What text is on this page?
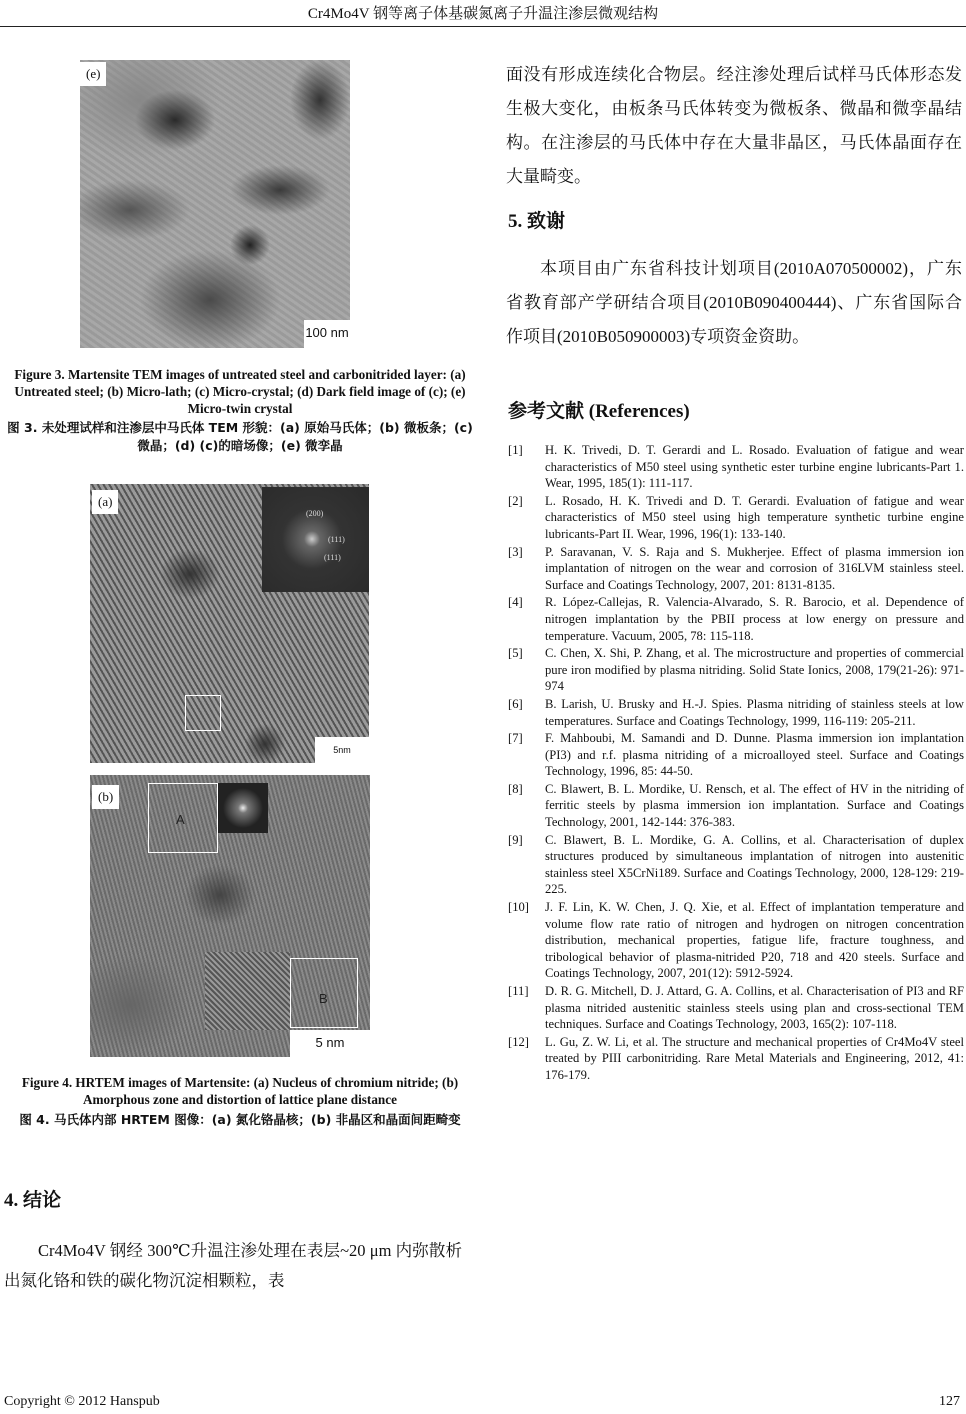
Cr4Mo4V 钢等离子体基碳氮离子升温注渗层微观结构
(e)
100 nm
Figure 3. Martensite TEM images of untreated steel and carbonitrided layer: (a) Untreated steel; (b) Micro-lath; (c) Micro-crystal; (d) Dark field image of (c); (e) Micro-twin crystal
图 3. 未处理试样和注渗层中马氏体 TEM 形貌：(a) 原始马氏体；(b) 微板条；(c) 微晶；(d) (c)的暗场像；(e) 微孪晶
(a)
(200)
(111)
(111)
5nm
(b)
A
B
5 nm
Figure 4. HRTEM images of Martensite: (a) Nucleus of chromium nitride; (b) Amorphous zone and distortion of lattice plane distance
图 4. 马氏体内部 HRTEM 图像：(a) 氮化铬晶核；(b) 非晶区和晶面间距畸变
4. 结论
Cr4Mo4V 钢经 300℃升温注渗处理在表层~20 μm 内弥散析出氮化铬和铁的碳化物沉淀相颗粒，表
面没有形成连续化合物层。经注渗处理后试样马氏体形态发生极大变化，由板条马氏体转变为微板条、微晶和微孪晶结构。在注渗层的马氏体中存在大量非晶区，马氏体晶面存在大量畸变。
5. 致谢
本项目由广东省科技计划项目(2010A070500002)，广东省教育部产学研结合项目(2010B090400444)、广东省国际合作项目(2010B050900003)专项资金资助。
参考文献 (References)
[1]	H. K. Trivedi, D. T. Gerardi and L. Rosado. Evaluation of fatigue and wear characteristics of M50 steel using synthetic ester turbine engine lubricants-Part 1. Wear, 1995, 185(1): 111-117.
[2]	L. Rosado, H. K. Trivedi and D. T. Gerardi. Evaluation of fatigue and wear characteristics of M50 steel using high temperature synthetic turbine engine lubricants-Part II. Wear, 1996, 196(1): 133-140.
[3]	P. Saravanan, V. S. Raja and S. Mukherjee. Effect of plasma immersion ion implantation of nitrogen on the wear and corrosion of 316LVM stainless steel. Surface and Coatings Technology, 2007, 201: 8131-8135.
[4]	R. López-Callejas, R. Valencia-Alvarado, S. R. Barocio, et al. Dependence of nitrogen implantation by the PBII process at low energy on pressure and temperature. Vacuum, 2005, 78: 115-118.
[5]	C. Chen, X. Shi, P. Zhang, et al. The microstructure and properties of commercial pure iron modified by plasma nitriding. Solid State Ionics, 2008, 179(21-26): 971-974
[6]	B. Larish, U. Brusky and H.-J. Spies. Plasma nitriding of stainless steels at low temperatures. Surface and Coatings Technology, 1999, 116-119: 205-211.
[7]	F. Mahboubi, M. Samandi and D. Dunne. Plasma immersion ion implantation (PI3) and r.f. plasma nitriding of a microalloyed steel. Surface and Coatings Technology, 1996, 85: 44-50.
[8]	C. Blawert, B. L. Mordike, U. Rensch, et al. The effect of HV in the nitriding of ferritic steels by plasma immersion ion implantation. Surface and Coatings Technology, 2001, 142-144: 376-383.
[9]	C. Blawert, B. L. Mordike, G. A. Collins, et al. Characterisation of duplex structures produced by simultaneous implantation of nitrogen into austenitic stainless steel X5CrNi189. Surface and Coatings Technology, 2000, 128-129: 219-225.
[10]	J. F. Lin, K. W. Chen, J. Q. Xie, et al. Effect of implantation temperature and volume flow rate ratio of nitrogen and hydrogen on nitrogen concentration distribution, mechanical properties, fatigue life, fracture toughness, and tribological behavior of plasma-nitrided P20, 718 and 420 steels. Surface and Coatings Technology, 2007, 201(12): 5912-5924.
[11]	D. R. G. Mitchell, D. J. Attard, G. A. Collins, et al. Characterisation of PI3 and RF plasma nitrided austenitic stainless steels using plan and cross-sectional TEM techniques. Surface and Coatings Technology, 2003, 165(2): 107-118.
[12]	L. Gu, Z. W. Li, et al. The structure and mechanical properties of Cr4Mo4V steel treated by PIII carbonitriding. Rare Metal Materials and Engineering, 2012, 41: 176-179.
Copyright © 2012 Hanspub	127
